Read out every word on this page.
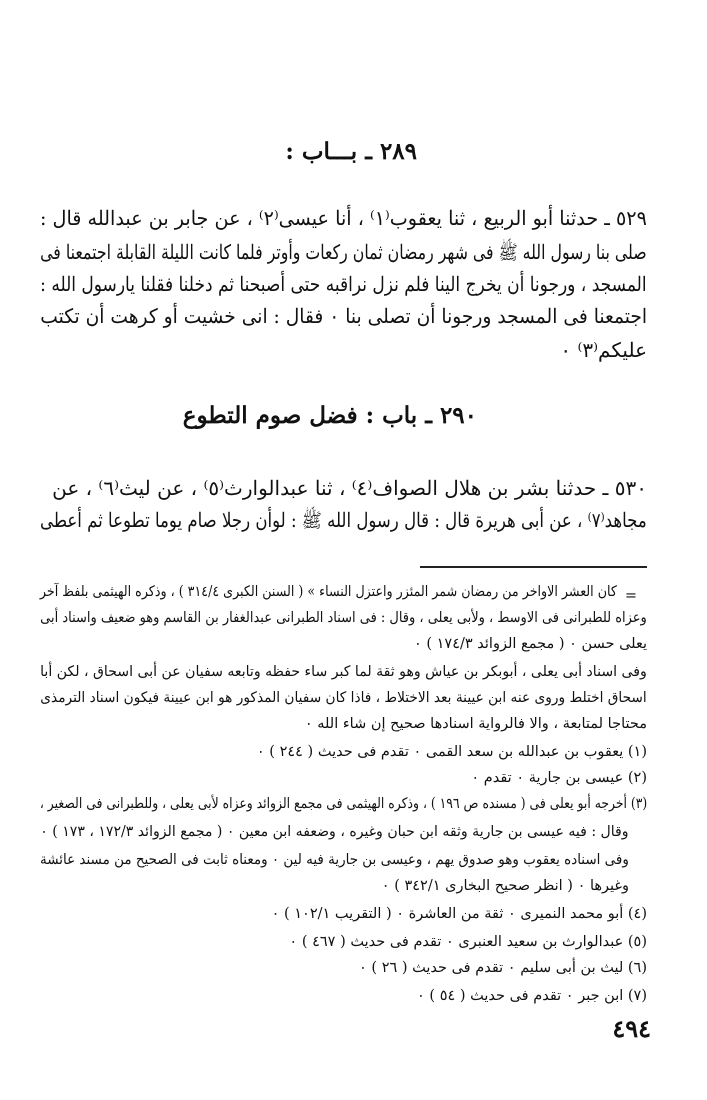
٢٨٩ ـ بـــاب :
٥٢٩ ـ حدثنا أبو الربيع ، ثنا يعقوب⁽١⁾ ، أنا عيسى⁽٢⁾ ، عن جابر بن عبدالله قال :
صلى بنا رسول الله ﷺ فى شهر رمضان ثمان ركعات وأوتر فلما كانت الليلة القابلة اجتمعنا فى
المسجد ، ورجونا أن يخرج الينا فلم نزل نراقبه حتى أصبحنا ثم دخلنا فقلنا يارسول الله :
اجتمعنا فى المسجد ورجونا أن تصلى بنا ٠ فقال : انى خشيت أو كرهت أن تكتب
عليكم⁽٣⁾ ٠
٢٩٠ ـ باب : فضل صوم التطوع
٥٣٠ ـ حدثنا بشر بن هلال الصواف⁽٤⁾ ، ثنا عبدالوارث⁽٥⁾ ، عن ليث⁽٦⁾ ، عن
مجاهد⁽٧⁾ ، عن أبى هريرة قال : قال رسول الله ﷺ : لوأن رجلا صام يوما تطوعا ثم أعطى
=
كان العشر الاواخر من رمضان شمر المئزر واعتزل النساء » ( السنن الكبرى ٣١٤/٤ ) ، وذكره الهيثمى بلفظ آخر
وعزاه للطبرانى فى الاوسط ، ولأبى يعلى ، وقال : فى اسناد الطبرانى عبدالغفار بن القاسم وهو ضعيف واسناد أبى
يعلى حسن ٠ ( مجمع الزوائد ١٧٤/٣ ) ٠
وفى اسناد أبى يعلى ، أبوبكر بن عياش وهو ثقة لما كبر ساء حفظه وتابعه سفيان عن أبى اسحاق ، لكن أبا
اسحاق اختلط وروى عنه ابن عيينة بعد الاختلاط ، فاذا كان سفيان المذكور هو ابن عيينة فيكون اسناد الترمذى
محتاجا لمتابعة ، والا فالرواية اسنادها صحيح إن شاء الله ٠
(١) يعقوب بن عبدالله بن سعد القمى ٠ تقدم فى حديث ( ٢٤٤ ) ٠
(٢) عيسى بن جارية ٠ تقدم ٠
(٣) أخرجه أبو يعلى فى ( مسنده ص ١٩٦ ) ، وذكره الهيثمى فى مجمع الزوائد وعزاه لأبى يعلى ، وللطبرانى فى الصغير ،
وقال : فيه عيسى بن جارية وثقه ابن حبان وغيره ، وضعفه ابن معين ٠ ( مجمع الزوائد ١٧٢/٣ ، ١٧٣ ) ٠
وفى اسناده يعقوب وهو صدوق يهم ، وعيسى بن جارية فيه لين ٠ ومعناه ثابت فى الصحيح من مسند عائشة
وغيرها ٠ ( انظر صحيح البخارى ٣٤٢/١ ) ٠
(٤) أبو محمد النميرى ٠ ثقة من العاشرة ٠ ( التقريب ١٠٢/١ ) ٠
(٥) عبدالوارث بن سعيد العنبرى ٠ تقدم فى حديث ( ٤٦٧ ) ٠
(٦) ليث بن أبى سليم ٠ تقدم فى حديث ( ٢٦ ) ٠
(٧) ابن جبر ٠ تقدم فى حديث ( ٥٤ ) ٠
٤٩٤
